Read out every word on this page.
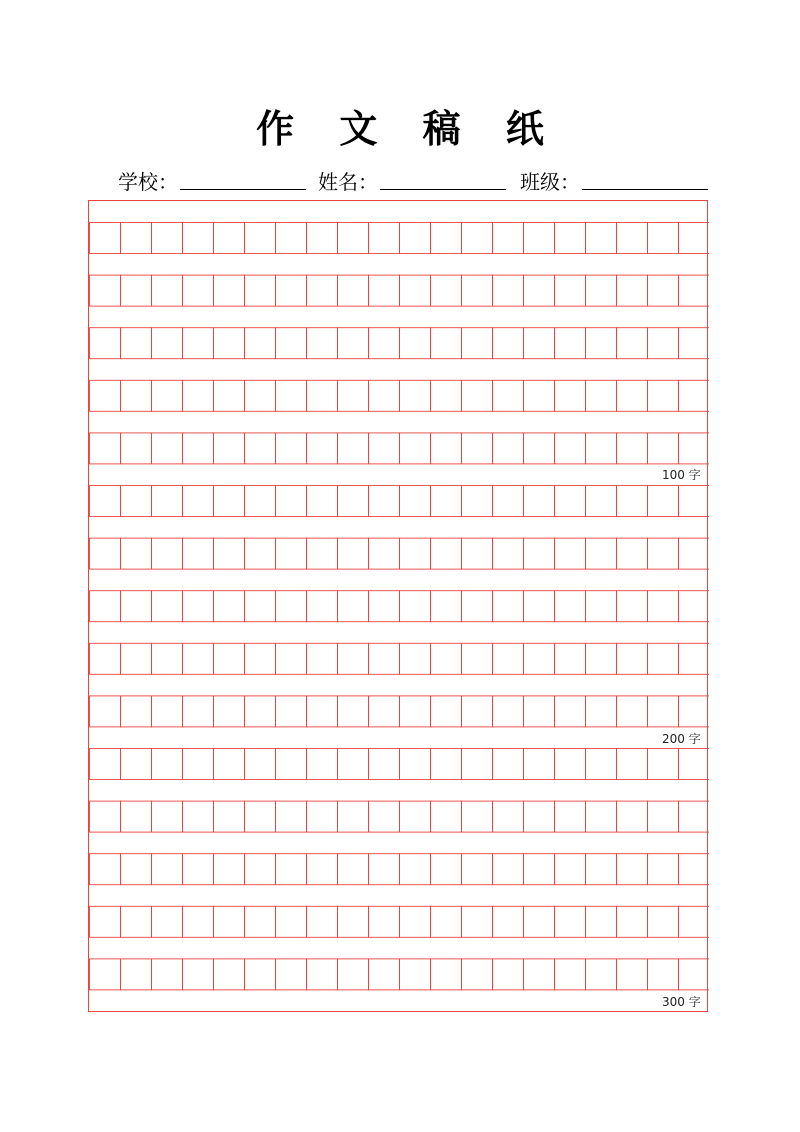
作 文 稿 纸
学校：	姓名：	班级：
100 字
200 字
300 字
